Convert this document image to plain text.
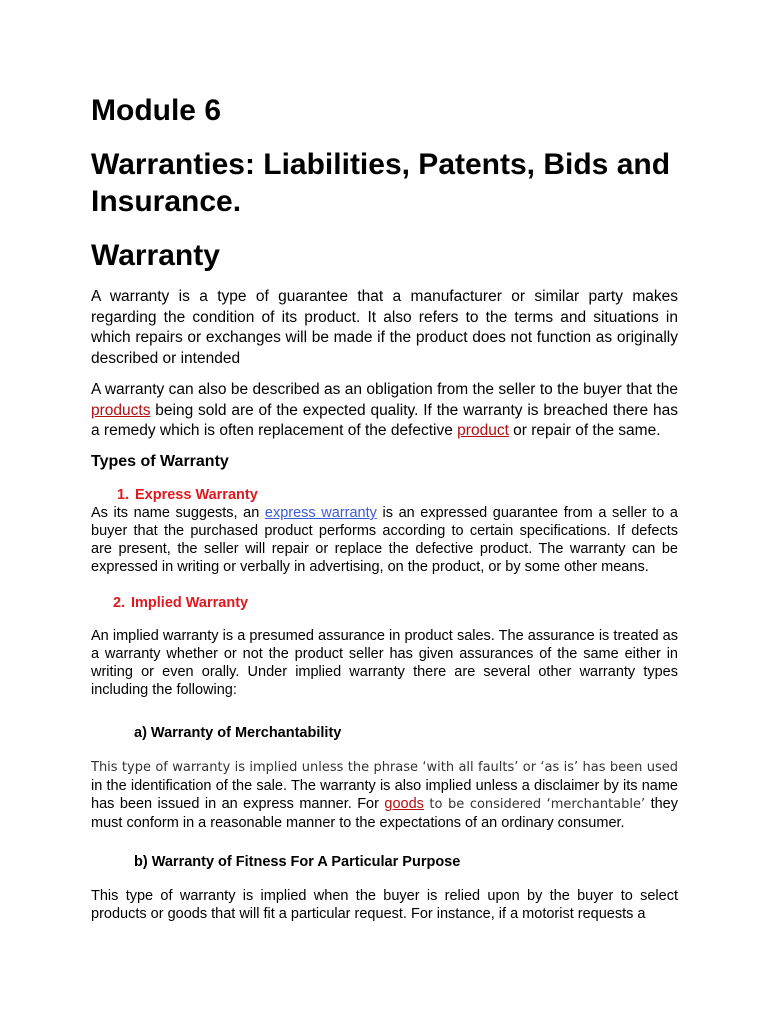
Module 6
Warranties: Liabilities, Patents, Bids and Insurance.
Warranty

A warranty is a type of guarantee that a manufacturer or similar party makes regarding the condition of its product. It also refers to the terms and situations in which repairs or exchanges will be made if the product does not function as originally described or intended

A warranty can also be described as an obligation from the seller to the buyer that the products being sold are of the expected quality. If the warranty is breached there has a remedy which is often replacement of the defective product or repair of the same.

Types of Warranty
1. Express Warranty

As its name suggests, an express warranty is an expressed guarantee from a seller to a buyer that the purchased product performs according to certain specifications. If defects are present, the seller will repair or replace the defective product. The warranty can be expressed in writing or verbally in advertising, on the product, or by some other means.

2. Implied Warranty

An implied warranty is a presumed assurance in product sales. The assurance is treated as a warranty whether or not the product seller has given assurances of the same either in writing or even orally. Under implied warranty there are several other warranty types including the following:

a) Warranty of Merchantability

This type of warranty is implied unless the phrase ‘with all faults’ or ‘as is’ has been used in the identification of the sale. The warranty is also implied unless a disclaimer by its name has been issued in an express manner. For goods to be considered ‘merchantable’ they must conform in a reasonable manner to the expectations of an ordinary consumer.

b) Warranty of Fitness For A Particular Purpose

This type of warranty is implied when the buyer is relied upon by the buyer to select products or goods that will fit a particular request. For instance, if a motorist requests a
